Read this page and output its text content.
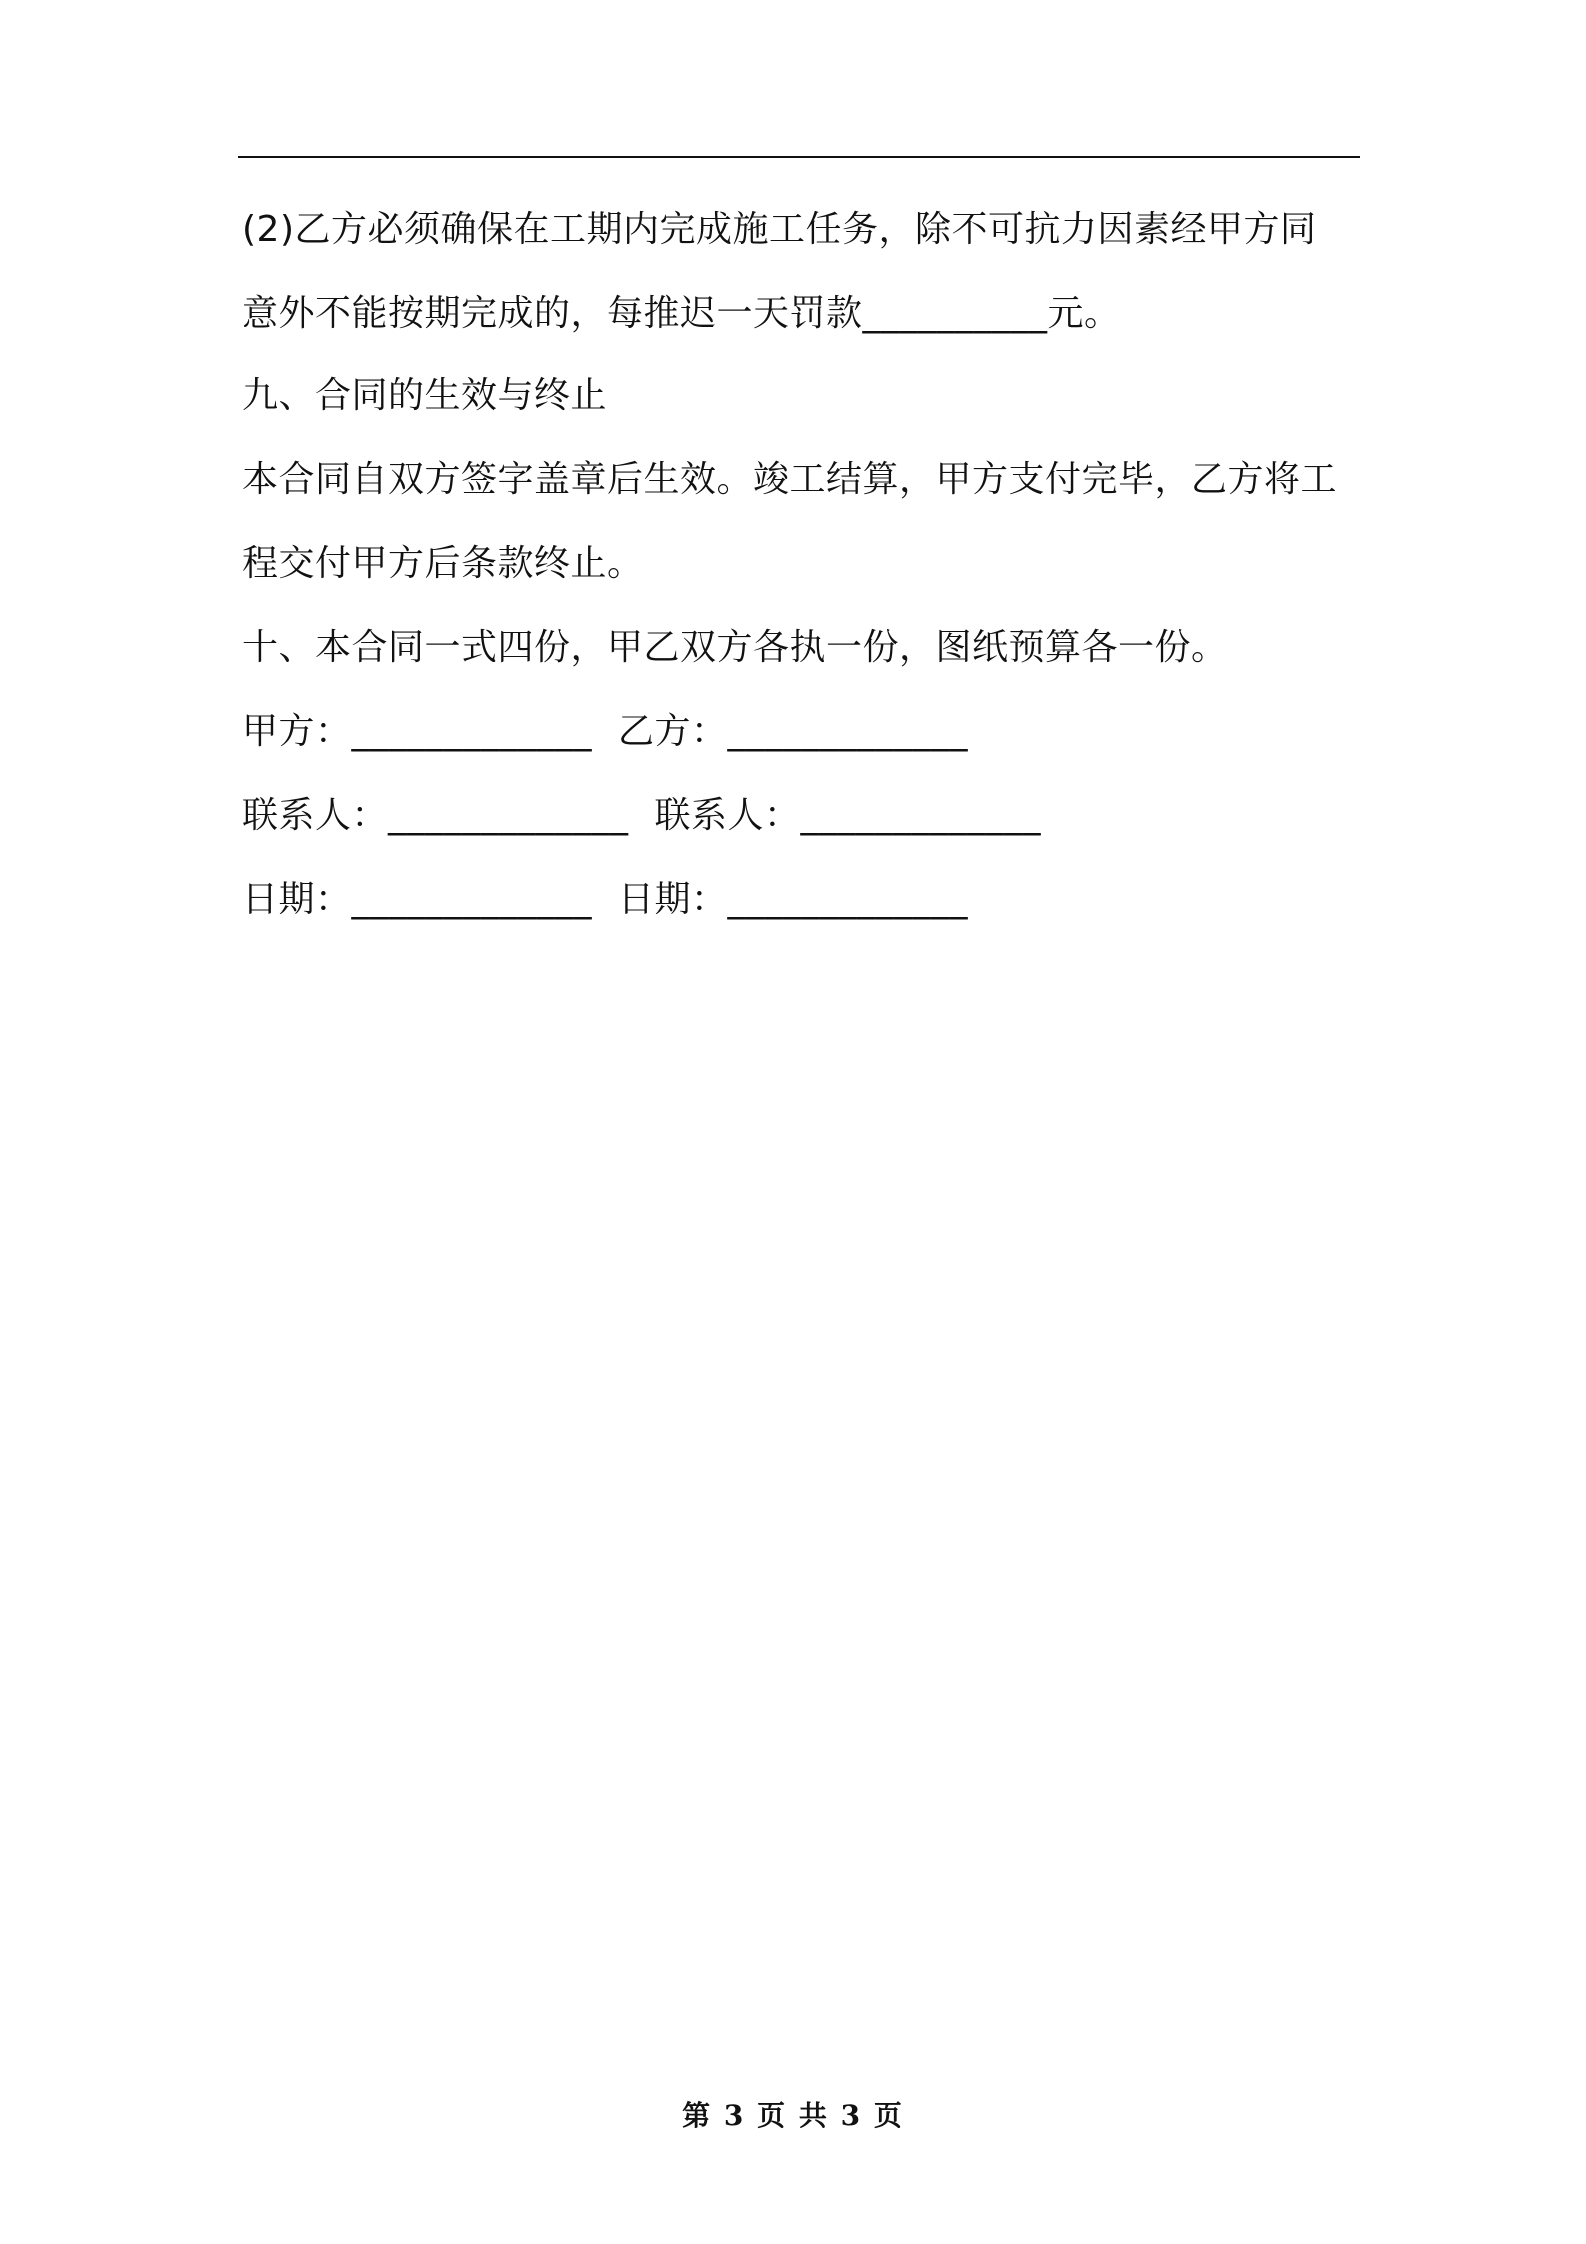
(2)乙方必须确保在工期内完成施工任务，除不可抗力因素经甲方同
意外不能按期完成的，每推迟一天罚款__________元。
九、合同的生效与终止
本合同自双方签字盖章后生效。竣工结算，甲方支付完毕，乙方将工
程交付甲方后条款终止。
十、本合同一式四份，甲乙双方各执一份，图纸预算各一份。
甲方：_____________ 乙方：_____________
联系人：_____________ 联系人：_____________
日期：_____________ 日期：_____________
第 3 页 共 3 页
